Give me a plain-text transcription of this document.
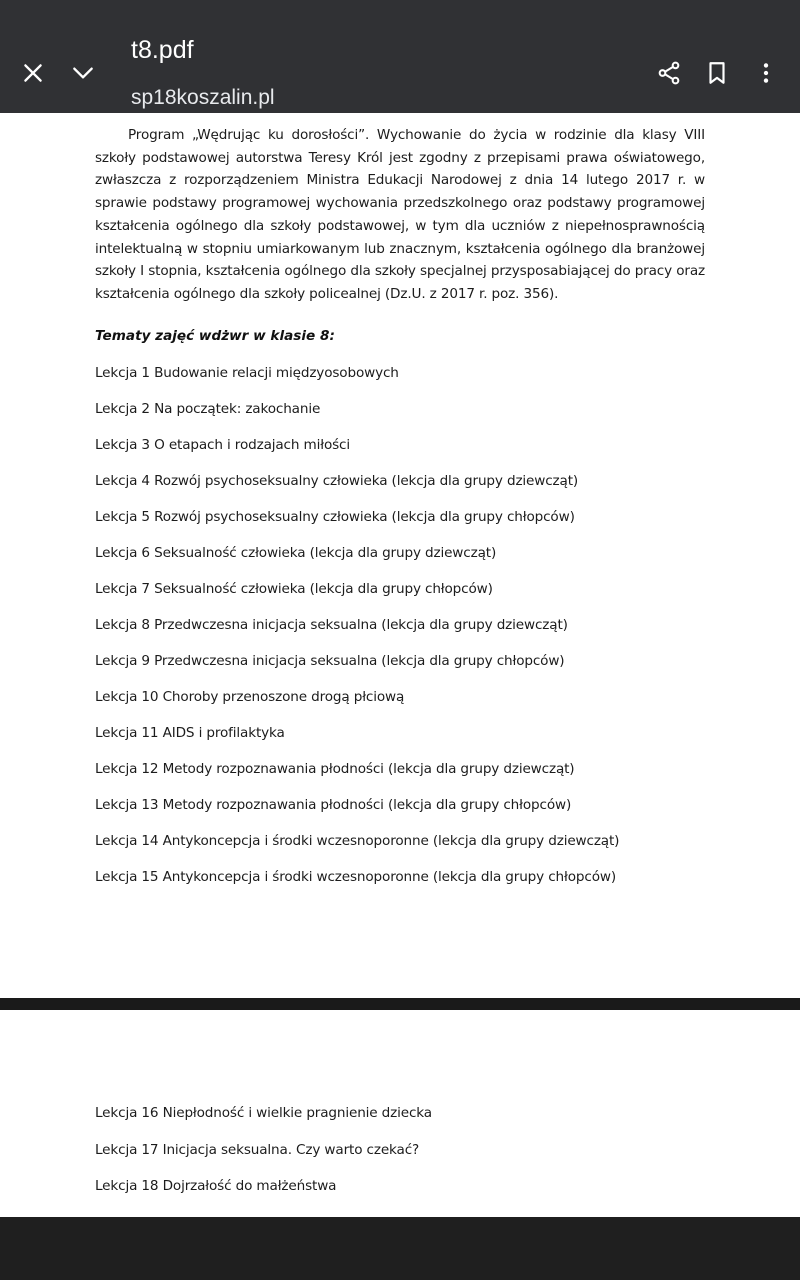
t8.pdf
sp18koszalin.pl
Program „Wędrując ku dorosłości”. Wychowanie do życia w rodzinie dla klasy VIII szkoły podstawowej autorstwa Teresy Król jest zgodny z przepisami prawa oświatowego, zwłaszcza z rozporządzeniem Ministra Edukacji Narodowej z dnia 14 lutego 2017 r. w sprawie podstawy programowej wychowania przedszkolnego oraz podstawy programowej kształcenia ogólnego dla szkoły podstawowej, w tym dla uczniów z niepełnosprawnością intelektualną w stopniu umiarkowanym lub znacznym, kształcenia ogólnego dla branżowej szkoły I stopnia, kształcenia ogólnego dla szkoły specjalnej przysposabiającej do pracy oraz kształcenia ogólnego dla szkoły policealnej (Dz.U. z 2017 r. poz. 356).
Tematy zajęć wdżwr w klasie 8:
Lekcja 1 Budowanie relacji międzyosobowych
Lekcja 2 Na początek: zakochanie
Lekcja 3 O etapach i rodzajach miłości
Lekcja 4 Rozwój psychoseksualny człowieka (lekcja dla grupy dziewcząt)
Lekcja 5 Rozwój psychoseksualny człowieka (lekcja dla grupy chłopców)
Lekcja 6 Seksualność człowieka (lekcja dla grupy dziewcząt)
Lekcja 7 Seksualność człowieka (lekcja dla grupy chłopców)
Lekcja 8 Przedwczesna inicjacja seksualna (lekcja dla grupy dziewcząt)
Lekcja 9 Przedwczesna inicjacja seksualna (lekcja dla grupy chłopców)
Lekcja 10 Choroby przenoszone drogą płciową
Lekcja 11 AIDS i profilaktyka
Lekcja 12 Metody rozpoznawania płodności (lekcja dla grupy dziewcząt)
Lekcja 13 Metody rozpoznawania płodności (lekcja dla grupy chłopców)
Lekcja 14 Antykoncepcja i środki wczesnoporonne (lekcja dla grupy dziewcząt)
Lekcja 15 Antykoncepcja i środki wczesnoporonne (lekcja dla grupy chłopców)
Lekcja 16 Niepłodność i wielkie pragnienie dziecka
Lekcja 17 Inicjacja seksualna. Czy warto czekać?
Lekcja 18 Dojrzałość do małżeństwa
